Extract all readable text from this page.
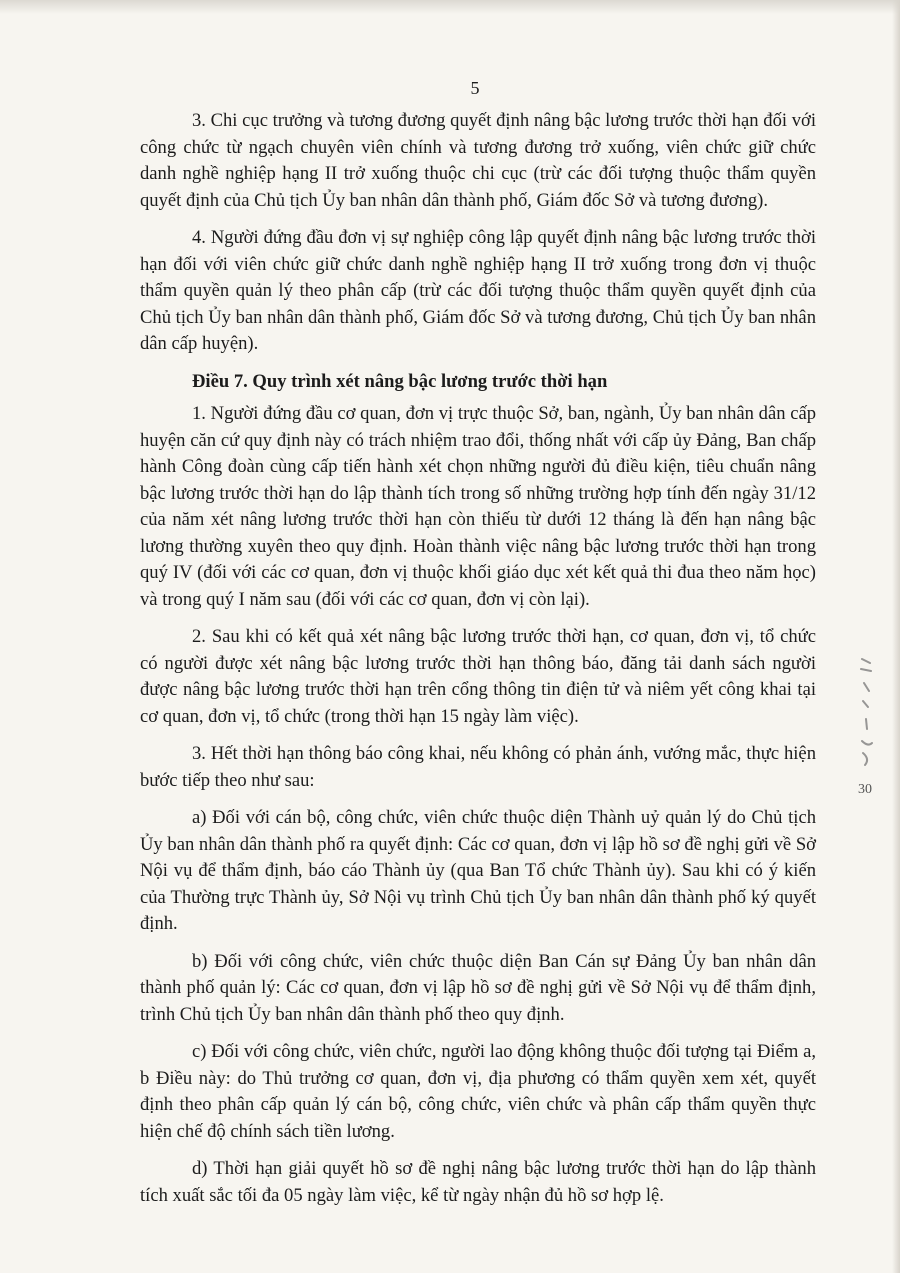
5

3. Chi cục trưởng và tương đương quyết định nâng bậc lương trước thời hạn đối với công chức từ ngạch chuyên viên chính và tương đương trở xuống, viên chức giữ chức danh nghề nghiệp hạng II trở xuống thuộc chi cục (trừ các đối tượng thuộc thẩm quyền quyết định của Chủ tịch Ủy ban nhân dân thành phố, Giám đốc Sở và tương đương).

4. Người đứng đầu đơn vị sự nghiệp công lập quyết định nâng bậc lương trước thời hạn đối với viên chức giữ chức danh nghề nghiệp hạng II trở xuống trong đơn vị thuộc thẩm quyền quản lý theo phân cấp (trừ các đối tượng thuộc thẩm quyền quyết định của Chủ tịch Ủy ban nhân dân thành phố, Giám đốc Sở và tương đương, Chủ tịch Ủy ban nhân dân cấp huyện).

Điều 7. Quy trình xét nâng bậc lương trước thời hạn

1. Người đứng đầu cơ quan, đơn vị trực thuộc Sở, ban, ngành, Ủy ban nhân dân cấp huyện căn cứ quy định này có trách nhiệm trao đổi, thống nhất với cấp ủy Đảng, Ban chấp hành Công đoàn cùng cấp tiến hành xét chọn những người đủ điều kiện, tiêu chuẩn nâng bậc lương trước thời hạn do lập thành tích trong số những trường hợp tính đến ngày 31/12 của năm xét nâng lương trước thời hạn còn thiếu từ dưới 12 tháng là đến hạn nâng bậc lương thường xuyên theo quy định. Hoàn thành việc nâng bậc lương trước thời hạn trong quý IV (đối với các cơ quan, đơn vị thuộc khối giáo dục xét kết quả thi đua theo năm học) và trong quý I năm sau (đối với các cơ quan, đơn vị còn lại).

2. Sau khi có kết quả xét nâng bậc lương trước thời hạn, cơ quan, đơn vị, tổ chức có người được xét nâng bậc lương trước thời hạn thông báo, đăng tải danh sách người được nâng bậc lương trước thời hạn trên cổng thông tin điện tử và niêm yết công khai tại cơ quan, đơn vị, tổ chức (trong thời hạn 15 ngày làm việc).

3. Hết thời hạn thông báo công khai, nếu không có phản ánh, vướng mắc, thực hiện bước tiếp theo như sau:

a) Đối với cán bộ, công chức, viên chức thuộc diện Thành uỷ quản lý do Chủ tịch Ủy ban nhân dân thành phố ra quyết định: Các cơ quan, đơn vị lập hồ sơ đề nghị gửi về Sở Nội vụ để thẩm định, báo cáo Thành ủy (qua Ban Tổ chức Thành ủy). Sau khi có ý kiến của Thường trực Thành ủy, Sở Nội vụ trình Chủ tịch Ủy ban nhân dân thành phố ký quyết định.

b) Đối với công chức, viên chức thuộc diện Ban Cán sự Đảng Ủy ban nhân dân thành phố quản lý: Các cơ quan, đơn vị lập hồ sơ đề nghị gửi về Sở Nội vụ để thẩm định, trình Chủ tịch Ủy ban nhân dân thành phố theo quy định.

c) Đối với công chức, viên chức, người lao động không thuộc đối tượng tại Điểm a, b Điều này: do Thủ trưởng cơ quan, đơn vị, địa phương có thẩm quyền xem xét, quyết định theo phân cấp quản lý cán bộ, công chức, viên chức và phân cấp thẩm quyền thực hiện chế độ chính sách tiền lương.

d) Thời hạn giải quyết hồ sơ đề nghị nâng bậc lương trước thời hạn do lập thành tích xuất sắc tối đa 05 ngày làm việc, kể từ ngày nhận đủ hồ sơ hợp lệ.

30
